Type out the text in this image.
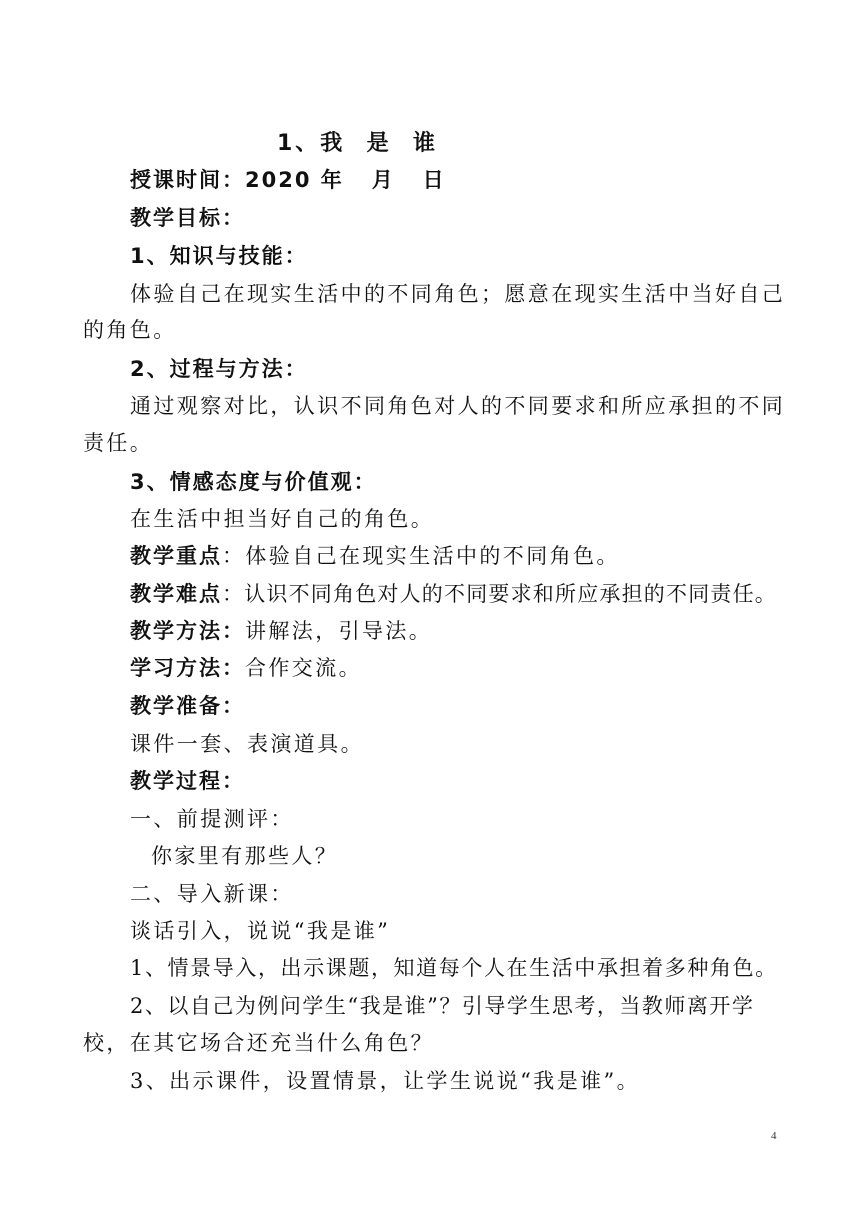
1、我  是  谁
授课时间：2020 年   月   日
教学目标：
1、知识与技能：
体验自己在现实生活中的不同角色；愿意在现实生活中当好自己
的角色。
2、过程与方法：
通过观察对比，认识不同角色对人的不同要求和所应承担的不同
责任。
3、情感态度与价值观：
在生活中担当好自己的角色。
教学重点：体验自己在现实生活中的不同角色。
教学难点：认识不同角色对人的不同要求和所应承担的不同责任。
教学方法：讲解法，引导法。
学习方法：合作交流。
教学准备：
课件一套、表演道具。
教学过程：
一、前提测评：
你家里有那些人？
二、导入新课：
谈话引入，说说“我是谁”
1、情景导入，出示课题，知道每个人在生活中承担着多种角色。
2、以自己为例问学生“我是谁”？引导学生思考，当教师离开学
校，在其它场合还充当什么角色？
3、出示课件，设置情景，让学生说说“我是谁”。
4
